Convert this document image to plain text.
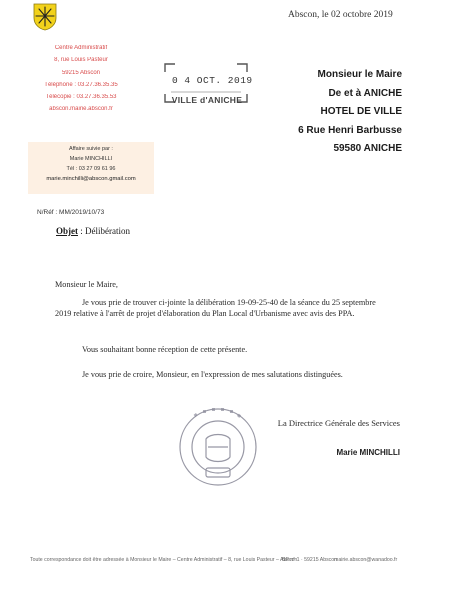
Abscon, le 02 octobre 2019
Centre Administratif
8, rue Louis Pasteur
59215 Abscon
Téléphone : 03.27.36.35.35
Télécopie : 03.27.36.35.53
abscon.mairie.abscon.fr
Affaire suivie par :
Marie MINCHILLI
Tél : 03 27 09 61 96
marie.minchilli@abscon.gmail.com
0 4 OCT. 2019
VILLE d'ANICHE
Monsieur le Maire
De et à ANICHE
HOTEL DE VILLE
6 Rue Henri Barbusse
59580 ANICHE
N/Réf : MM/2019/10/73
Objet : Délibération
Monsieur le Maire,
Je vous prie de trouver ci-jointe la délibération 19-09-25-40 de la séance du 25 septembre
2019 relative à l'arrêt de projet d'élaboration du Plan Local d'Urbanisme avec avis des PPA.
Vous souhaitant bonne réception de cette présente.
Je vous prie de croire, Monsieur, en l'expression de mes salutations distinguées.
La Directrice Générale des Services
Marie MINCHILLI
Toute correspondance doit être adressée à Monsieur le Maire – Centre Administratif – 8, rue Louis Pasteur – Abscon
BP n° 1 · 59215 Abscon
mairie.abscon@wanadoo.fr
